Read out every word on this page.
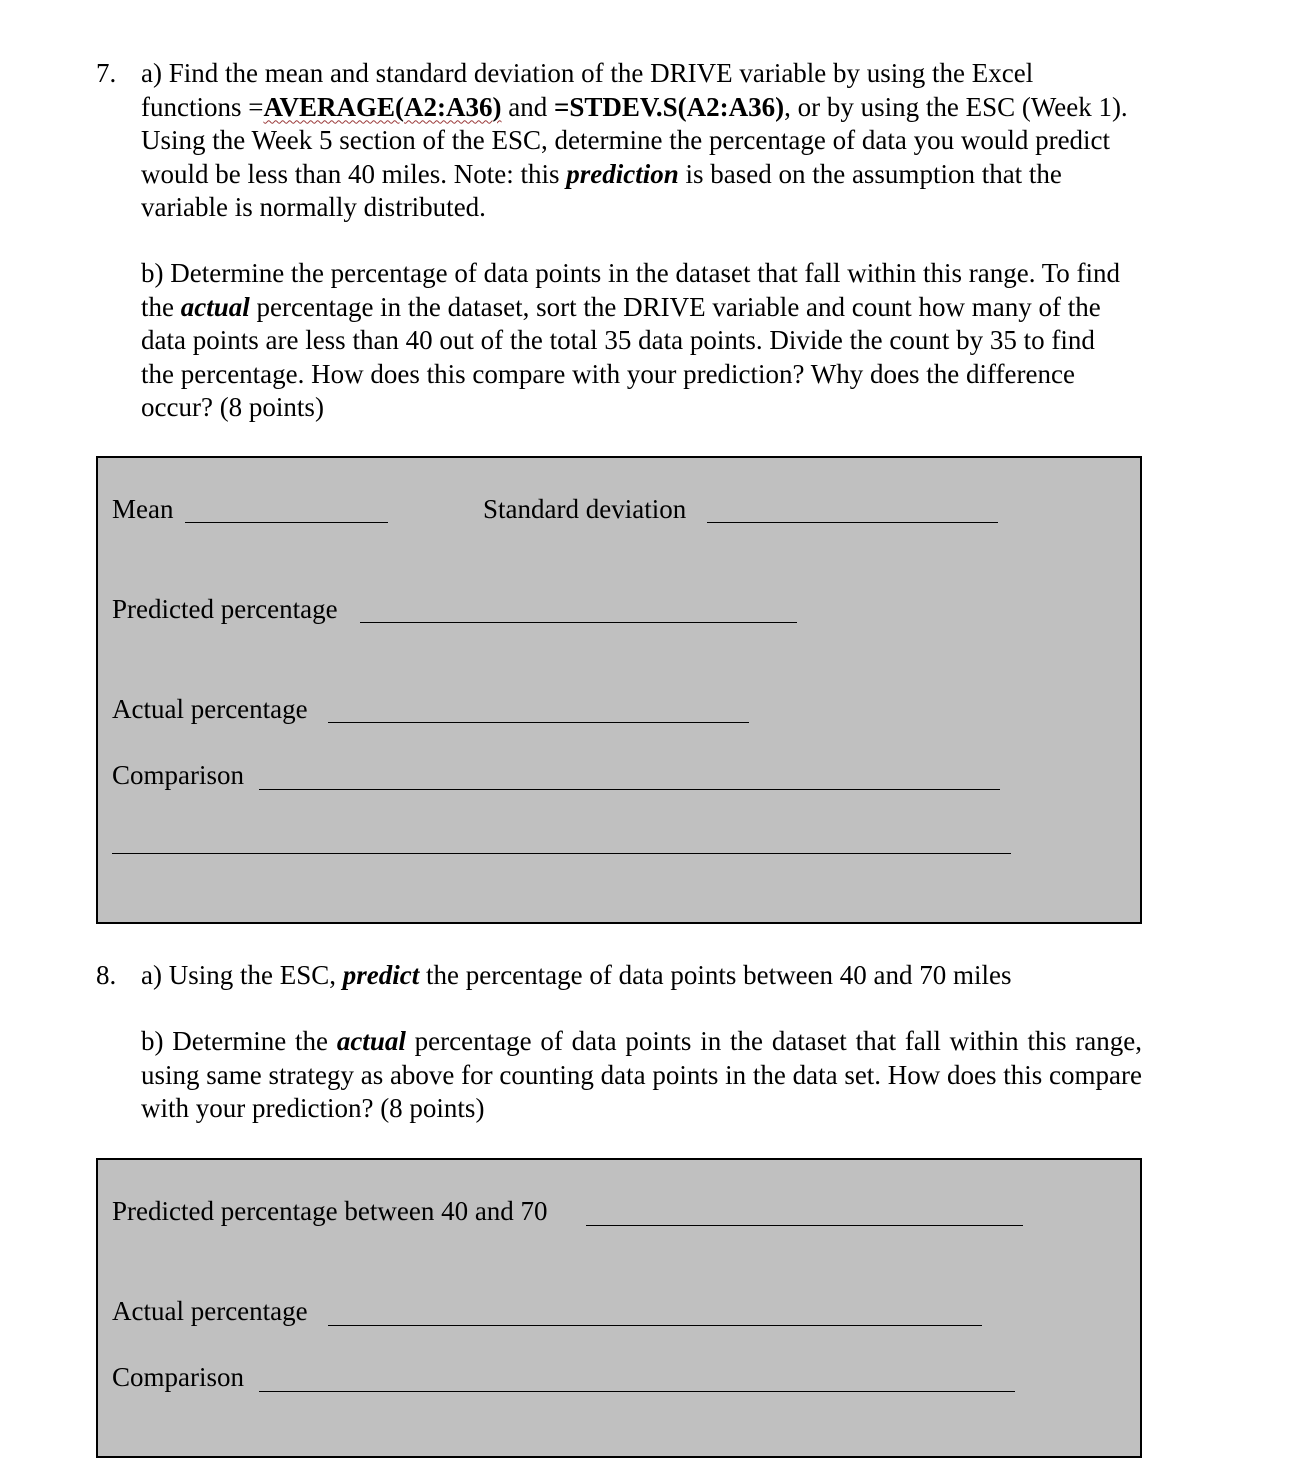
7. a) Find the mean and standard deviation of the DRIVE variable by using the Excel functions =AVERAGE(A2:A36) and =STDEV.S(A2:A36), or by using the ESC (Week 1). Using the Week 5 section of the ESC, determine the percentage of data you would predict would be less than 40 miles. Note: this prediction is based on the assumption that the variable is normally distributed.

b) Determine the percentage of data points in the dataset that fall within this range. To find the actual percentage in the dataset, sort the DRIVE variable and count how many of the data points are less than 40 out of the total 35 data points. Divide the count by 35 to find the percentage. How does this compare with your prediction? Why does the difference occur? (8 points)

Mean	Standard deviation
Predicted percentage
Actual percentage
Comparison
8. a) Using the ESC, predict the percentage of data points between 40 and 70 miles

b) Determine the actual percentage of data points in the dataset that fall within this range, using same strategy as above for counting data points in the data set. How does this compare with your prediction? (8 points)

Predicted percentage between 40 and 70
Actual percentage
Comparison
